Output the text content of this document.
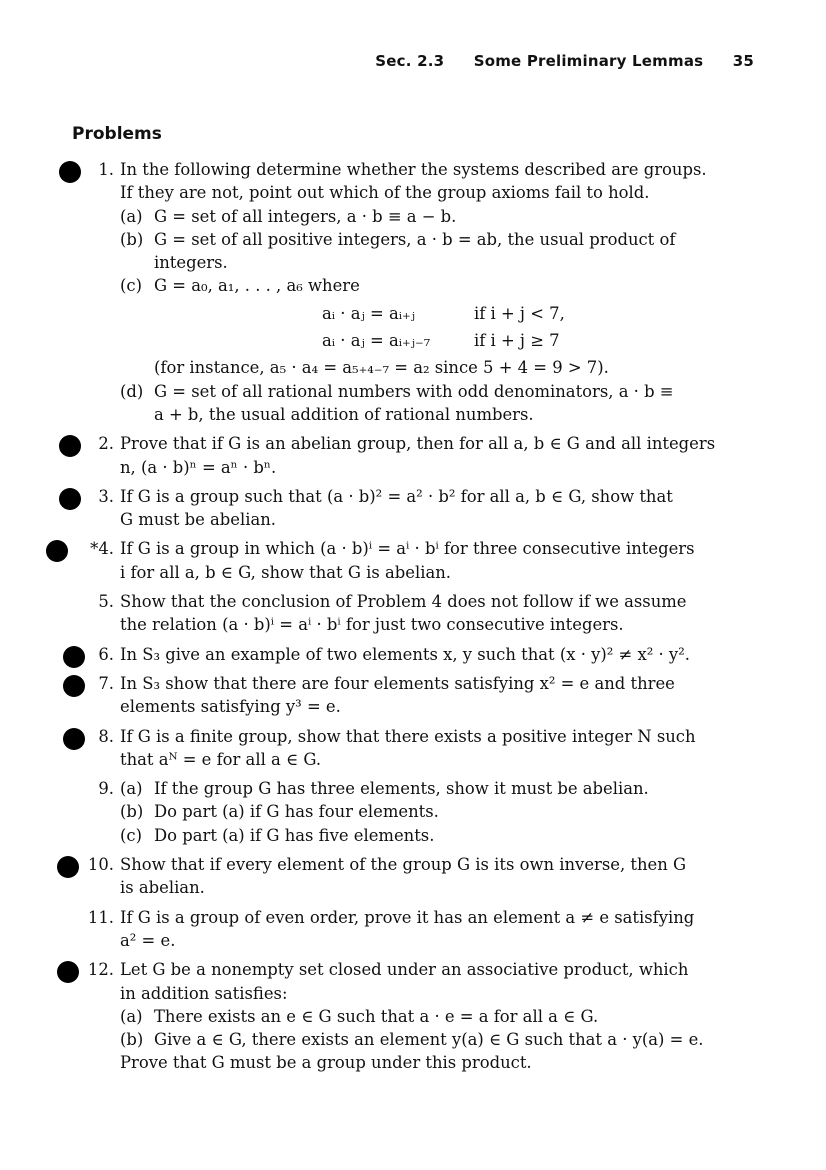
Sec. 2.3 Some Preliminary Lemmas 35
Problems
1. In the following determine whether the systems described are groups.
If they are not, point out which of the group axioms fail to hold.
(a) G = set of all integers, a · b ≡ a − b.
(b) G = set of all positive integers, a · b = ab, the usual product of
integers.
(c) G = a₀, a₁, . . . , a₆ where
aᵢ · aⱼ = aᵢ₊ⱼ	if i + j < 7,
aᵢ · aⱼ = aᵢ₊ⱼ₋₇	if i + j ≥ 7
(for instance, a₅ · a₄ = a₅₊₄₋₇ = a₂ since 5 + 4 = 9 > 7).
(d) G = set of all rational numbers with odd denominators, a · b ≡
a + b, the usual addition of rational numbers.
2. Prove that if G is an abelian group, then for all a, b ∈ G and all integers
n, (a · b)ⁿ = aⁿ · bⁿ.
3. If G is a group such that (a · b)² = a² · b² for all a, b ∈ G, show that
G must be abelian.
*4. If G is a group in which (a · b)ⁱ = aⁱ · bⁱ for three consecutive integers
i for all a, b ∈ G, show that G is abelian.
5. Show that the conclusion of Problem 4 does not follow if we assume
the relation (a · b)ⁱ = aⁱ · bⁱ for just two consecutive integers.
6. In S₃ give an example of two elements x, y such that (x · y)² ≠ x² · y².
7. In S₃ show that there are four elements satisfying x² = e and three
elements satisfying y³ = e.
8. If G is a finite group, show that there exists a positive integer N such
that aᴺ = e for all a ∈ G.
9. (a) If the group G has three elements, show it must be abelian.
(b) Do part (a) if G has four elements.
(c) Do part (a) if G has five elements.
10. Show that if every element of the group G is its own inverse, then G
is abelian.
11. If G is a group of even order, prove it has an element a ≠ e satisfying
a² = e.
12. Let G be a nonempty set closed under an associative product, which
in addition satisfies:
(a) There exists an e ∈ G such that a · e = a for all a ∈ G.
(b) Give a ∈ G, there exists an element y(a) ∈ G such that a · y(a) = e.
Prove that G must be a group under this product.
